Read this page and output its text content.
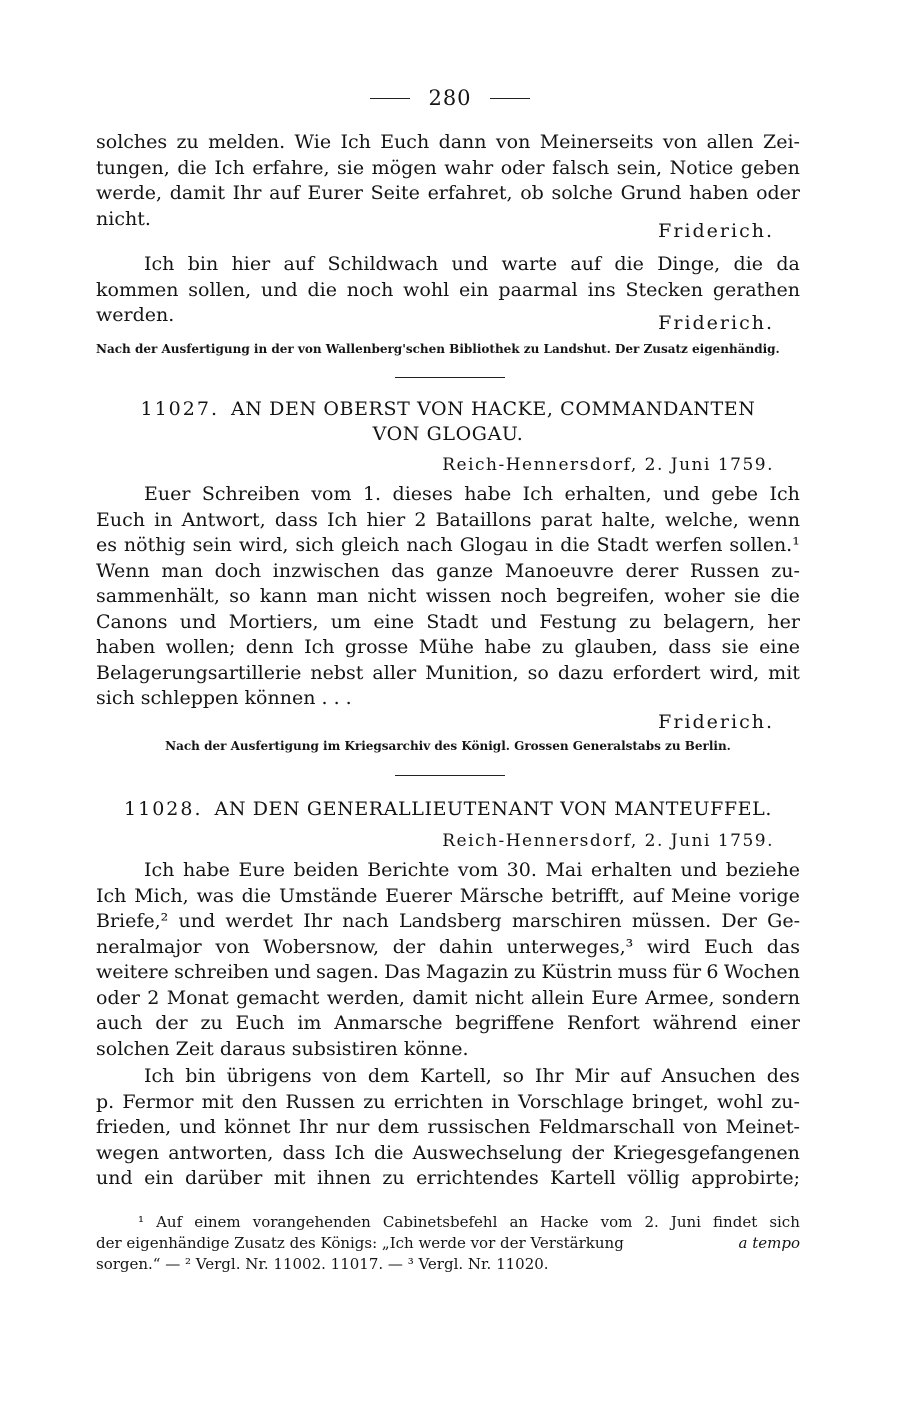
280
solches zu melden. Wie Ich Euch dann von Meinerseits von allen Zei-
tungen, die Ich erfahre, sie mögen wahr oder falsch sein, Notice geben
werde, damit Ihr auf Eurer Seite erfahret, ob solche Grund haben oder
nicht.
Friderich.
Ich bin hier auf Schildwach und warte auf die Dinge, die da
kommen sollen, und die noch wohl ein paarmal ins Stecken gerathen
werden.	Friderich.
Nach der Ausfertigung in der von Wallenberg'schen Bibliothek zu Landshut. Der Zusatz eigenhändig.
11027. AN DEN OBERST VON HACKE, COMMANDANTEN
VON GLOGAU.
Reich-Hennersdorf, 2. Juni 1759.
Euer Schreiben vom 1. dieses habe Ich erhalten, und gebe Ich
Euch in Antwort, dass Ich hier 2 Bataillons parat halte, welche, wenn
es nöthig sein wird, sich gleich nach Glogau in die Stadt werfen sollen.¹
Wenn man doch inzwischen das ganze Manoeuvre derer Russen zu-
sammenhält, so kann man nicht wissen noch begreifen, woher sie die
Canons und Mortiers, um eine Stadt und Festung zu belagern, her
haben wollen; denn Ich grosse Mühe habe zu glauben, dass sie eine
Belagerungsartillerie nebst aller Munition, so dazu erfordert wird, mit
sich schleppen können . . .
Friderich.
Nach der Ausfertigung im Kriegsarchiv des Königl. Grossen Generalstabs zu Berlin.
11028. AN DEN GENERALLIEUTENANT VON MANTEUFFEL.
Reich-Hennersdorf, 2. Juni 1759.
Ich habe Eure beiden Berichte vom 30. Mai erhalten und beziehe
Ich Mich, was die Umstände Euerer Märsche betrifft, auf Meine vorige
Briefe,² und werdet Ihr nach Landsberg marschiren müssen. Der Ge-
neralmajor von Wobersnow, der dahin unterweges,³ wird Euch das
weitere schreiben und sagen. Das Magazin zu Küstrin muss für 6 Wochen
oder 2 Monat gemacht werden, damit nicht allein Eure Armee, sondern
auch der zu Euch im Anmarsche begriffene Renfort während einer
solchen Zeit daraus subsistiren könne.
Ich bin übrigens von dem Kartell, so Ihr Mir auf Ansuchen des
p. Fermor mit den Russen zu errichten in Vorschlage bringet, wohl zu-
frieden, und könnet Ihr nur dem russischen Feldmarschall von Meinet-
wegen antworten, dass Ich die Auswechselung der Kriegesgefangenen
und ein darüber mit ihnen zu errichtendes Kartell völlig approbirte;
¹ Auf einem vorangehenden Cabinetsbefehl an Hacke vom 2. Juni findet sich
der eigenhändige Zusatz des Königs: „Ich werde vor der Verstärkung	a tempo
sorgen.“ — ² Vergl. Nr. 11002. 11017. — ³ Vergl. Nr. 11020.
